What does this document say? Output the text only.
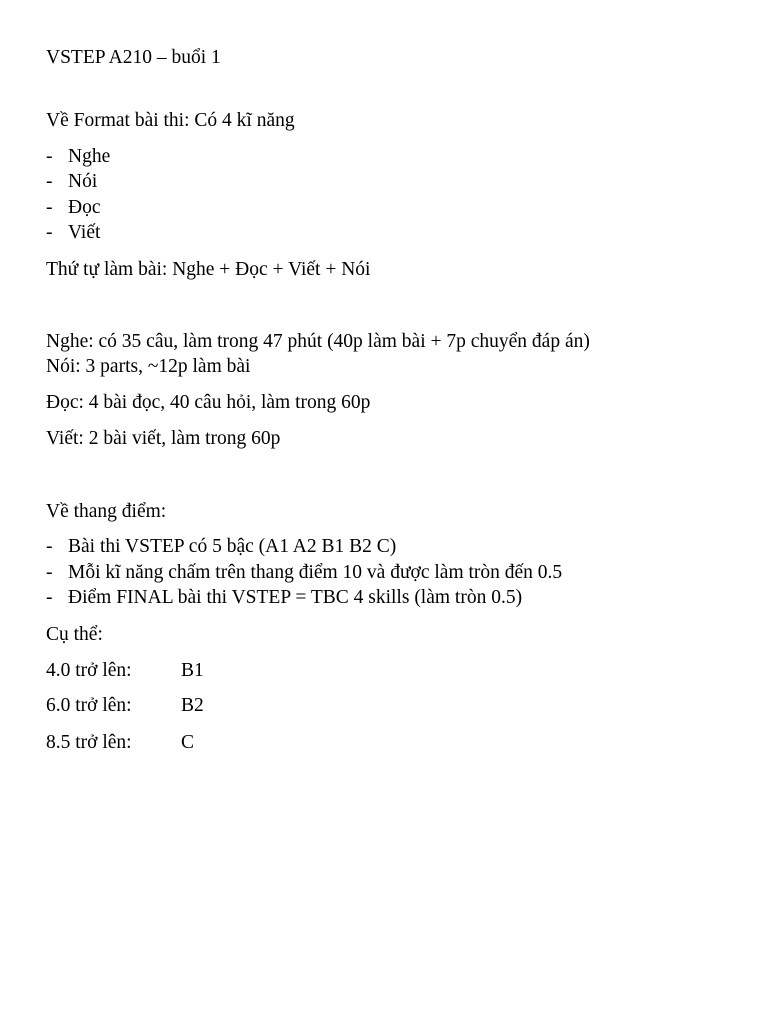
VSTEP A210 – buổi 1
Về Format bài thi: Có 4 kĩ năng
- Nghe
- Nói
- Đọc
- Viết
Thứ tự làm bài: Nghe + Đọc + Viết + Nói
Nghe: có 35 câu, làm trong 47 phút (40p làm bài + 7p chuyển đáp án)
Nói: 3 parts, ~12p làm bài
Đọc: 4 bài đọc, 40 câu hỏi, làm trong 60p
Viết: 2 bài viết, làm trong 60p
Về thang điểm:
- Bài thi VSTEP có 5 bậc (A1 A2 B1 B2 C)
- Mỗi kĩ năng chấm trên thang điểm 10 và được làm tròn đến 0.5
- Điểm FINAL bài thi VSTEP = TBC 4 skills (làm tròn 0.5)
Cụ thể:
4.0 trở lên:	B1
6.0 trở lên:	B2
8.5 trở lên:	C
